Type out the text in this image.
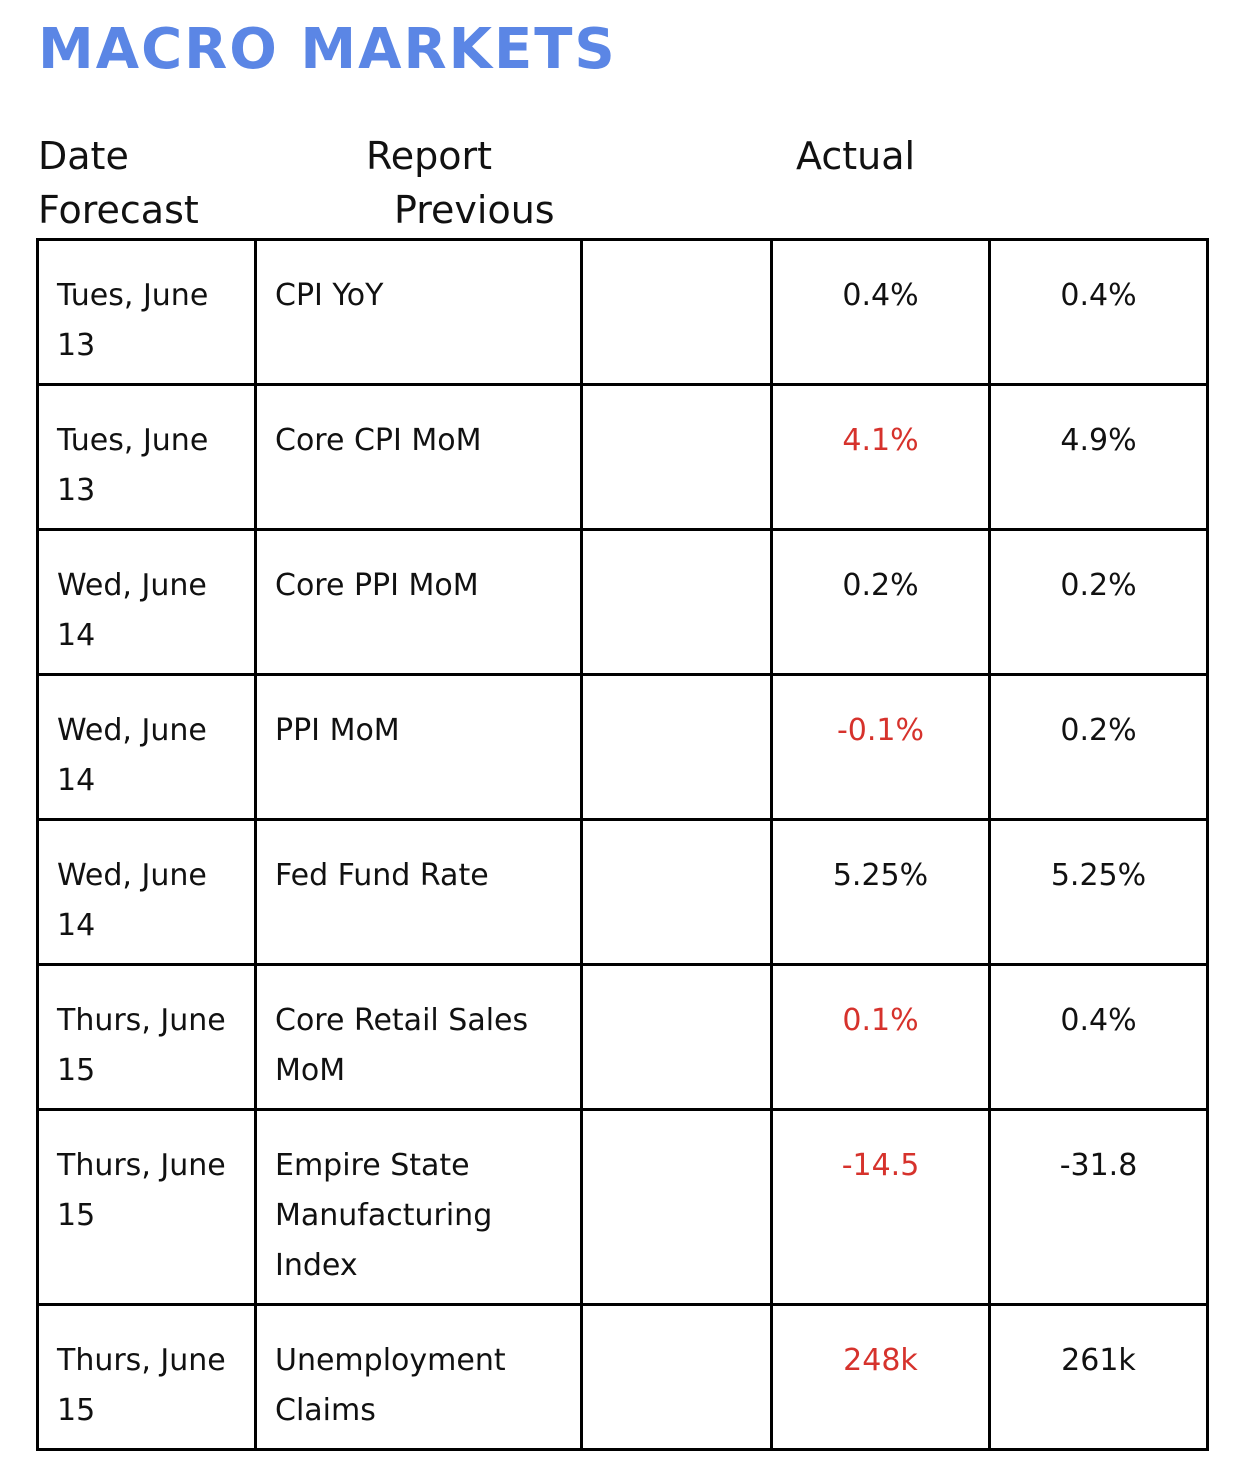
MACRO MARKETS
Date	Report	Actual
Forecast	Previous
Tues, June 13	CPI YoY		0.4%	0.4%
Tues, June 13	Core CPI MoM		4.1%	4.9%
Wed, June 14	Core PPI MoM		0.2%	0.2%
Wed, June 14	PPI MoM		-0.1%	0.2%
Wed, June 14	Fed Fund Rate		5.25%	5.25%
Thurs, June 15	Core Retail Sales MoM		0.1%	0.4%
Thurs, June 15	Empire State Manufacturing Index		-14.5	-31.8
Thurs, June 15	Unemployment Claims		248k	261k
